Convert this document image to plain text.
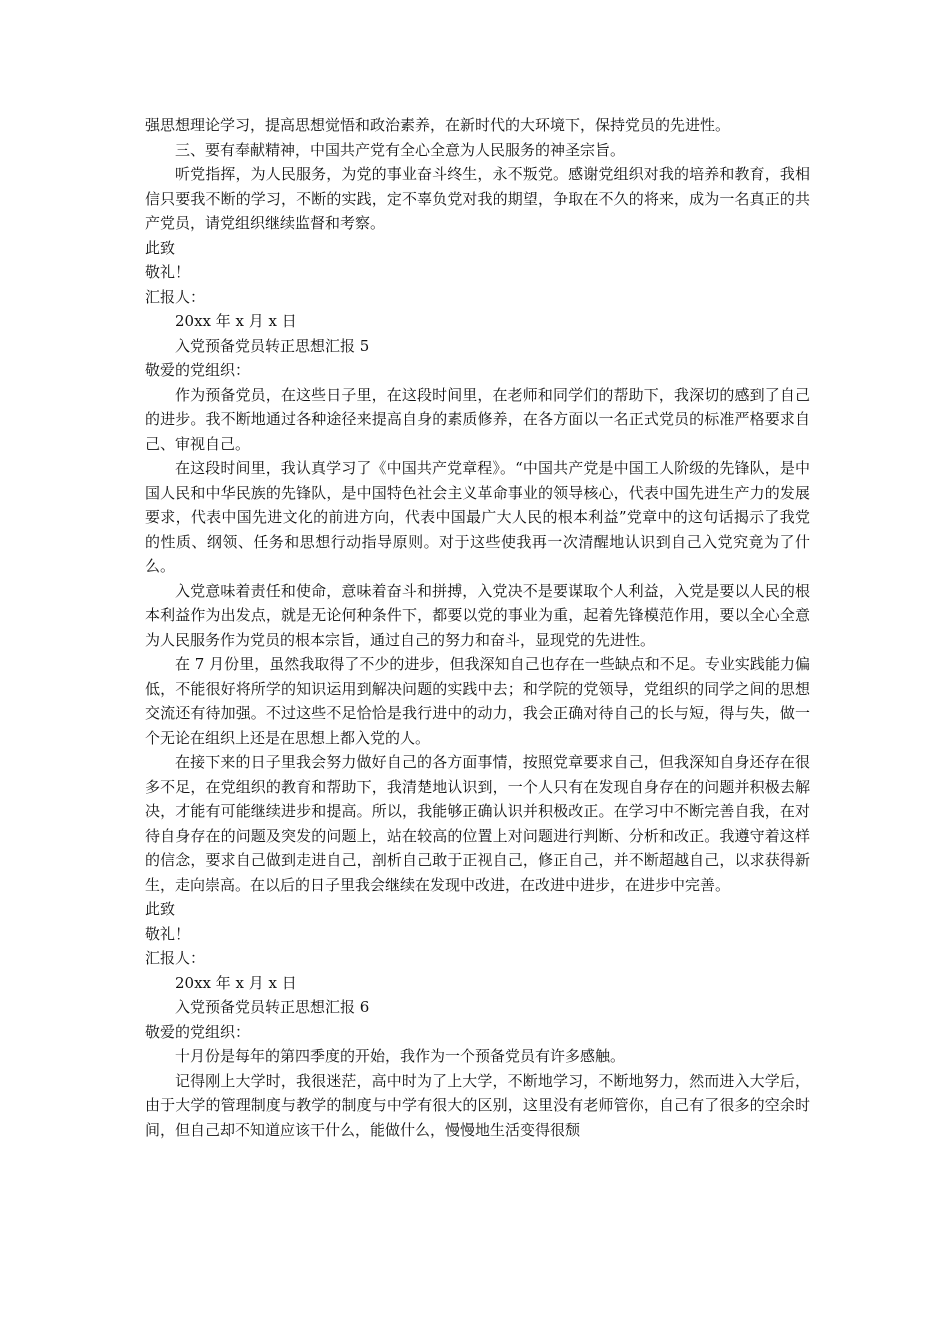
强思想理论学习，提高思想觉悟和政治素养，在新时代的大环境下，保持党员的先进性。

三、要有奉献精神，中国共产党有全心全意为人民服务的神圣宗旨。

听党指挥，为人民服务，为党的事业奋斗终生，永不叛党。感谢党组织对我的培养和教育，我相信只要我不断的学习，不断的实践，定不辜负党对我的期望，争取在不久的将来，成为一名真正的共产党员，请党组织继续监督和考察。

此致

敬礼！

汇报人：

20xx 年 x 月 x 日

入党预备党员转正思想汇报 5

敬爱的党组织：

作为预备党员，在这些日子里，在这段时间里，在老师和同学们的帮助下，我深切的感到了自己的进步。我不断地通过各种途径来提高自身的素质修养，在各方面以一名正式党员的标准严格要求自己、审视自己。

在这段时间里，我认真学习了《中国共产党章程》。“中国共产党是中国工人阶级的先锋队，是中国人民和中华民族的先锋队，是中国特色社会主义革命事业的领导核心，代表中国先进生产力的发展要求，代表中国先进文化的前进方向，代表中国最广大人民的根本利益”党章中的这句话揭示了我党的性质、纲领、任务和思想行动指导原则。对于这些使我再一次清醒地认识到自己入党究竟为了什么。

入党意味着责任和使命，意味着奋斗和拼搏，入党决不是要谋取个人利益，入党是要以人民的根本利益作为出发点，就是无论何种条件下，都要以党的事业为重，起着先锋模范作用，要以全心全意为人民服务作为党员的根本宗旨，通过自己的努力和奋斗，显现党的先进性。

在 7 月份里，虽然我取得了不少的进步，但我深知自己也存在一些缺点和不足。专业实践能力偏低，不能很好将所学的知识运用到解决问题的实践中去；和学院的党领导，党组织的同学之间的思想交流还有待加强。不过这些不足恰恰是我行进中的动力，我会正确对待自己的长与短，得与失，做一个无论在组织上还是在思想上都入党的人。

在接下来的日子里我会努力做好自己的各方面事情，按照党章要求自己，但我深知自身还存在很多不足，在党组织的教育和帮助下，我清楚地认识到，一个人只有在发现自身存在的问题并积极去解决，才能有可能继续进步和提高。所以，我能够正确认识并积极改正。在学习中不断完善自我，在对待自身存在的问题及突发的问题上，站在较高的位置上对问题进行判断、分析和改正。我遵守着这样的信念，要求自己做到走进自己，剖析自己敢于正视自己，修正自己，并不断超越自己，以求获得新生，走向崇高。在以后的日子里我会继续在发现中改进，在改进中进步，在进步中完善。

此致

敬礼！

汇报人：

20xx 年 x 月 x 日

入党预备党员转正思想汇报 6

敬爱的党组织：

十月份是每年的第四季度的开始，我作为一个预备党员有许多感触。

记得刚上大学时，我很迷茫，高中时为了上大学，不断地学习，不断地努力，然而进入大学后，由于大学的管理制度与教学的制度与中学有很大的区别，这里没有老师管你，自己有了很多的空余时间，但自己却不知道应该干什么，能做什么，慢慢地生活变得很颓
